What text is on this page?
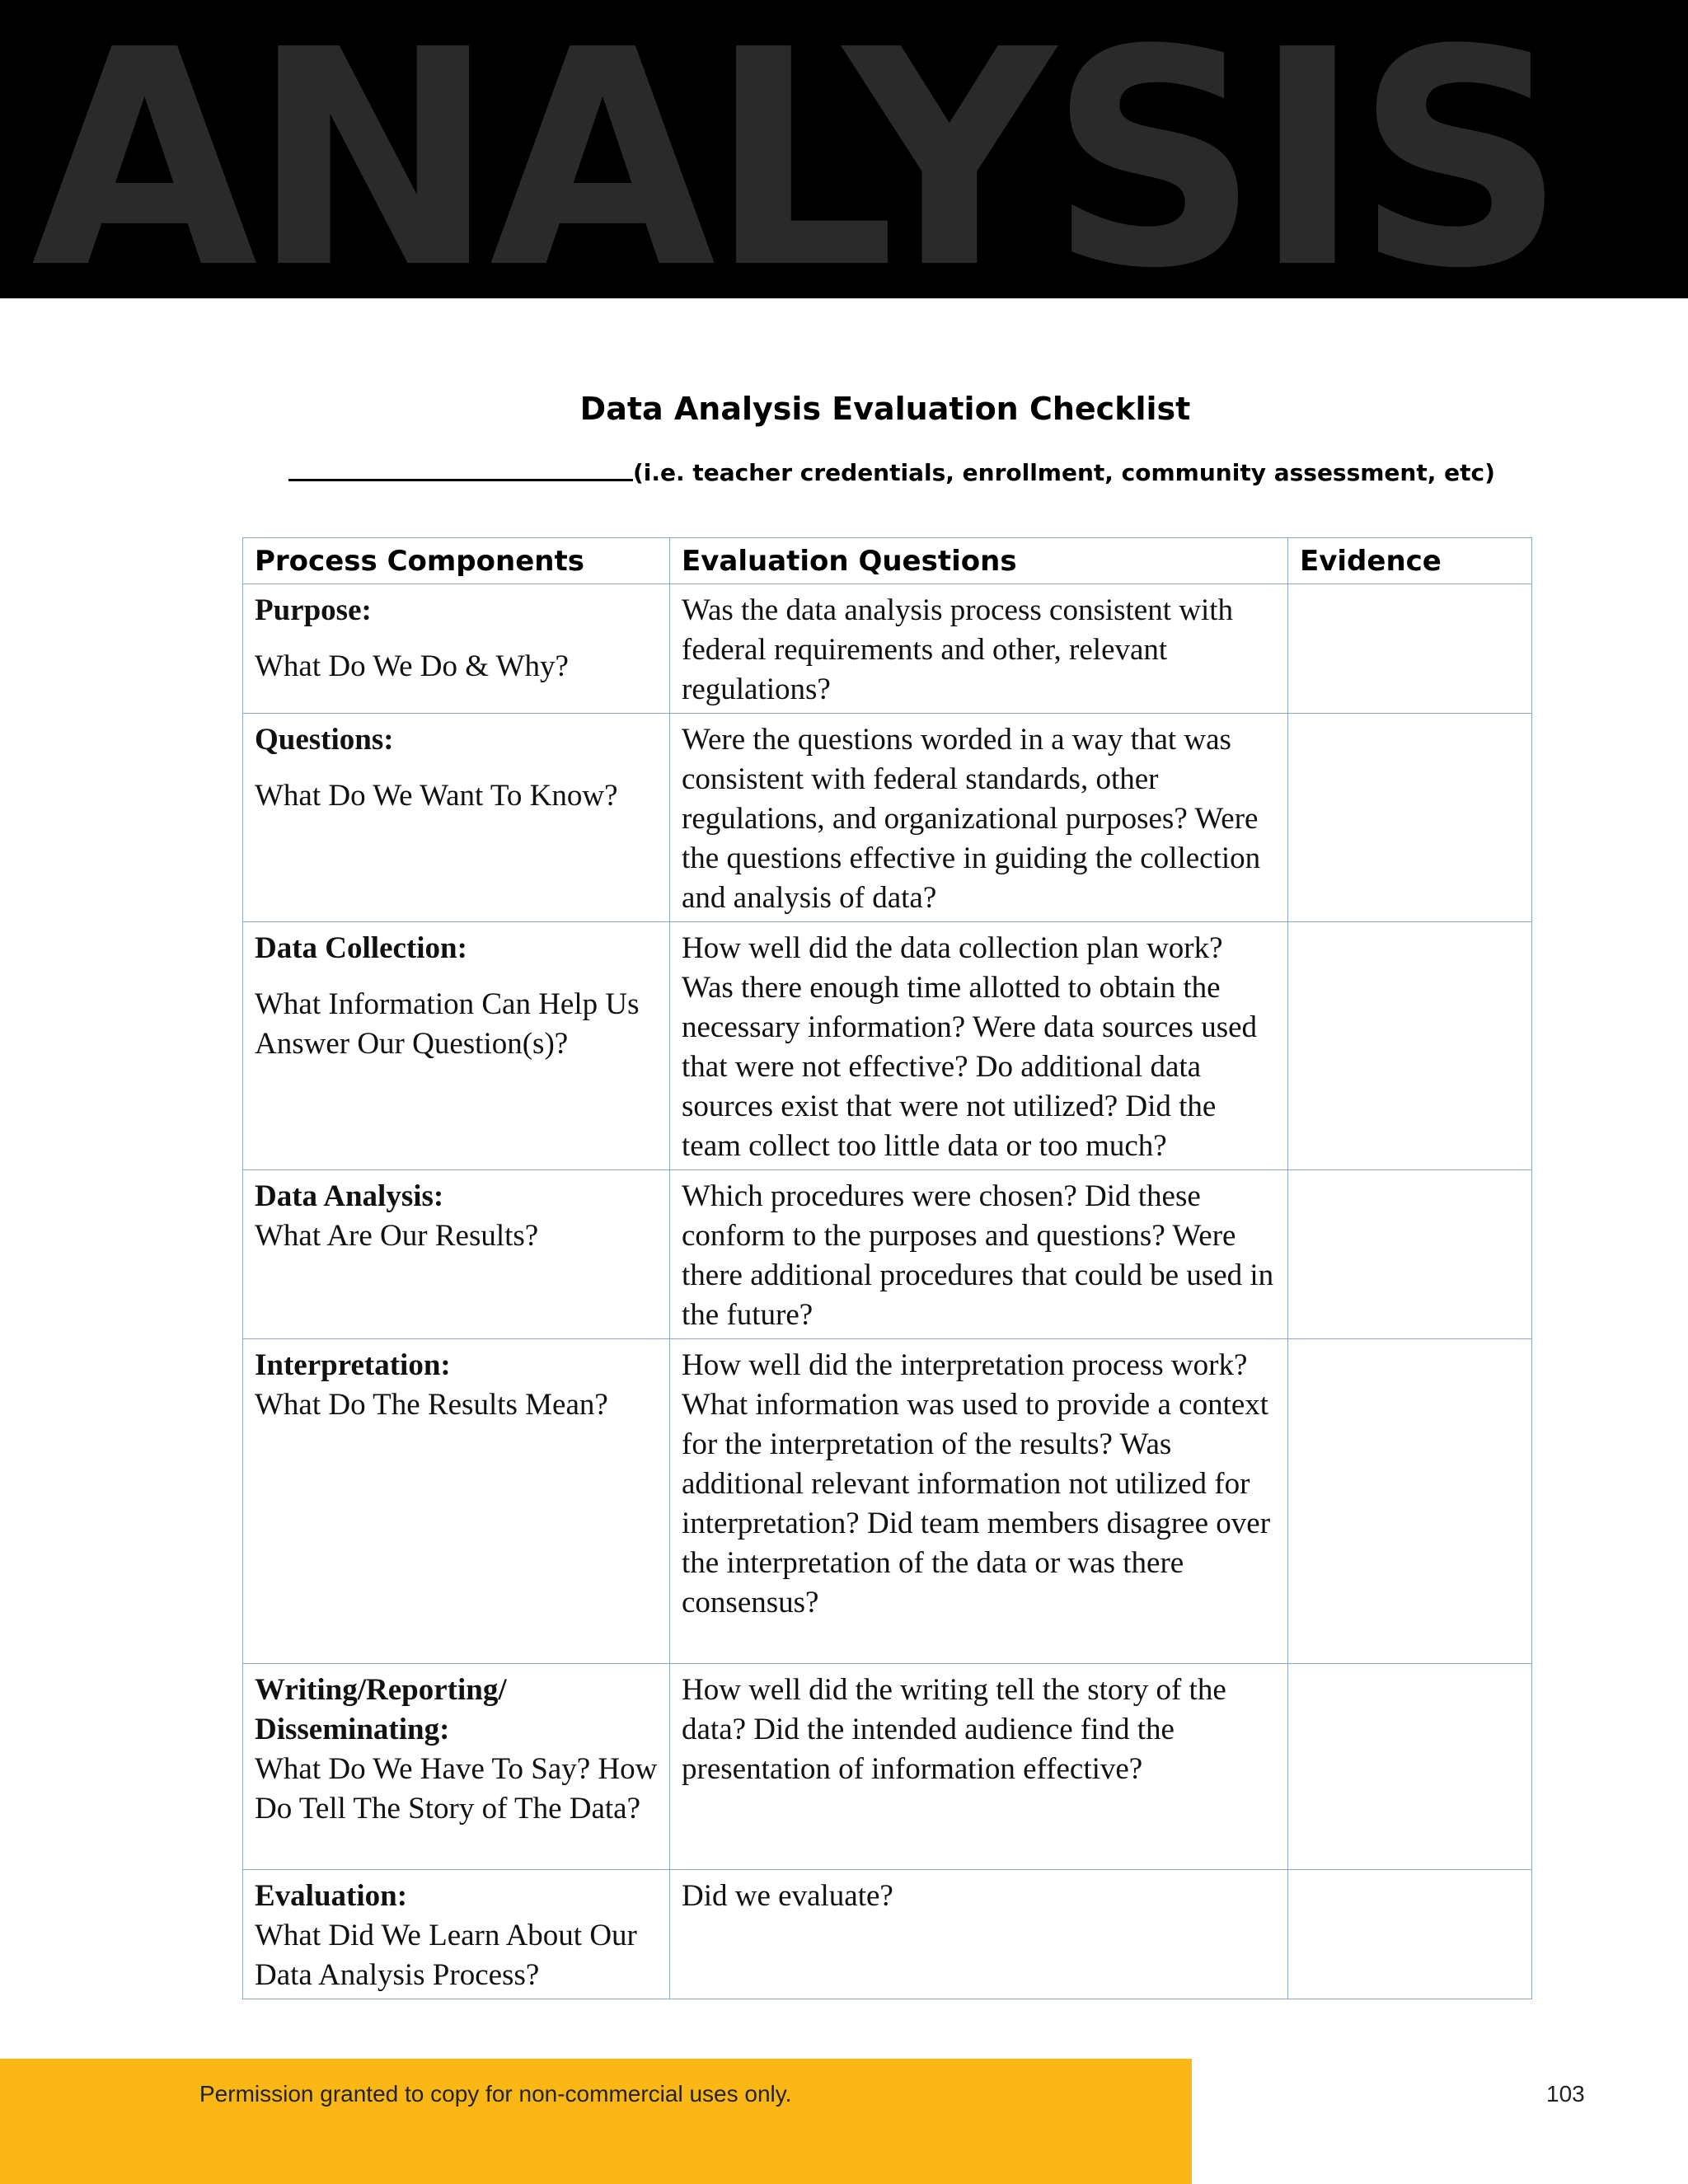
ANALYSIS
Data Analysis Evaluation Checklist
(i.e. teacher credentials, enrollment, community assessment, etc)
Process Components	Evaluation Questions	Evidence

Purpose:
What Do We Do & Why?	Was the data analysis process consistent with federal requirements and other, relevant regulations?	

Questions:
What Do We Want To Know?	Were the questions worded in a way that was consistent with federal standards, other regulations, and organizational purposes? Were the questions effective in guiding the collection and analysis of data?	

Data Collection:
What Information Can Help Us Answer Our Question(s)?	How well did the data collection plan work? Was there enough time allotted to obtain the necessary information? Were data sources used that were not effective? Do additional data sources exist that were not utilized? Did the team collect too little data or too much?	

Data Analysis:
What Are Our Results?	Which procedures were chosen? Did these conform to the purposes and questions? Were there additional procedures that could be used in the future?	

Interpretation:
What Do The Results Mean?	How well did the interpretation process work? What information was used to provide a context for the interpretation of the results? Was additional relevant information not utilized for interpretation? Did team members disagree over the interpretation of the data or was there consensus?	

Writing/Reporting/ Disseminating:
What Do We Have To Say? How Do Tell The Story of The Data?	How well did the writing tell the story of the data? Did the intended audience find the presentation of information effective?	

Evaluation:
What Did We Learn About Our Data Analysis Process?	Did we evaluate?	
Permission granted to copy for non-commercial uses only.	103
